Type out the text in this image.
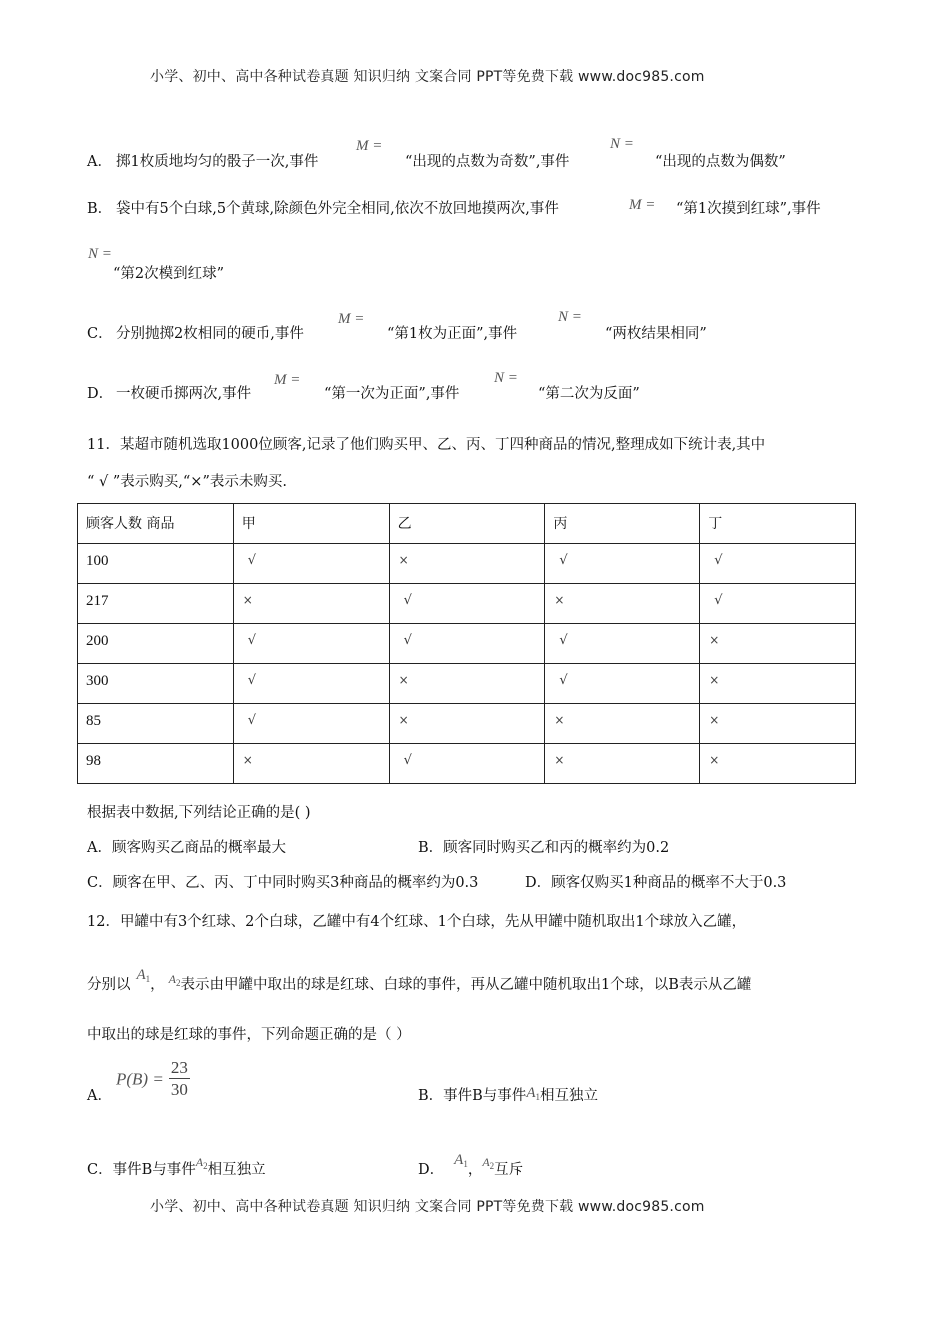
小学、初中、高中各种试卷真题 知识归纳 文案合同 PPT等免费下载 www.doc985.com
A． 掷1枚质地均匀的骰子一次,事件
M =
“出现的点数为奇数”,事件
N =
“出现的点数为偶数”
B． 袋中有5个白球,5个黄球,除颜色外完全相同,依次不放回地摸两次,事件	M = “第1次摸到红球”,事件
N =
“第2次模到红球”
C． 分别抛掷2枚相同的硬币,事件
M =
“第1枚为正面”,事件
N =
“两枚结果相同”
D． 一枚硬币掷两次,事件
M =
“第一次为正面”,事件
N =
“第二次为反面”
11．某超市随机选取1000位顾客,记录了他们购买甲、乙、丙、丁四种商品的情况,整理成如下统计表,其中
“ √ ”表示购买,“×”表示未购买.
顾客人数 商品	甲	乙	丙	丁
100	√	×	√	√
217	×	√	×	√
200	√	√	√	×
300	√	×	√	×
85	√	×	×	×
98	×	√	×	×
根据表中数据,下列结论正确的是( )
A．顾客购买乙商品的概率最大	B．顾客同时购买乙和丙的概率约为0.2
C．顾客在甲、乙、丙、丁中同时购买3种商品的概率约为0.3	D．顾客仅购买1种商品的概率不大于0.3
12．甲罐中有3个红球、2个白球，乙罐中有4个红球、1个白球，先从甲罐中随机取出1个球放入乙罐，
分别以$A_1$， $^{A_2}$表示由甲罐中取出的球是红球、白球的事件，再从乙罐中随机取出1个球，以B表示从乙罐
中取出的球是红球的事件，下列命题正确的是（ ）
A．
$P(B) = \frac{23}{30}$	B．事件B与事件$A_1$相互独立
C．事件B与事件$^{A_2}$相互独立	D．$A_1$，$^{A_2}$互斥
小学、初中、高中各种试卷真题 知识归纳 文案合同 PPT等免费下载 www.doc985.com
